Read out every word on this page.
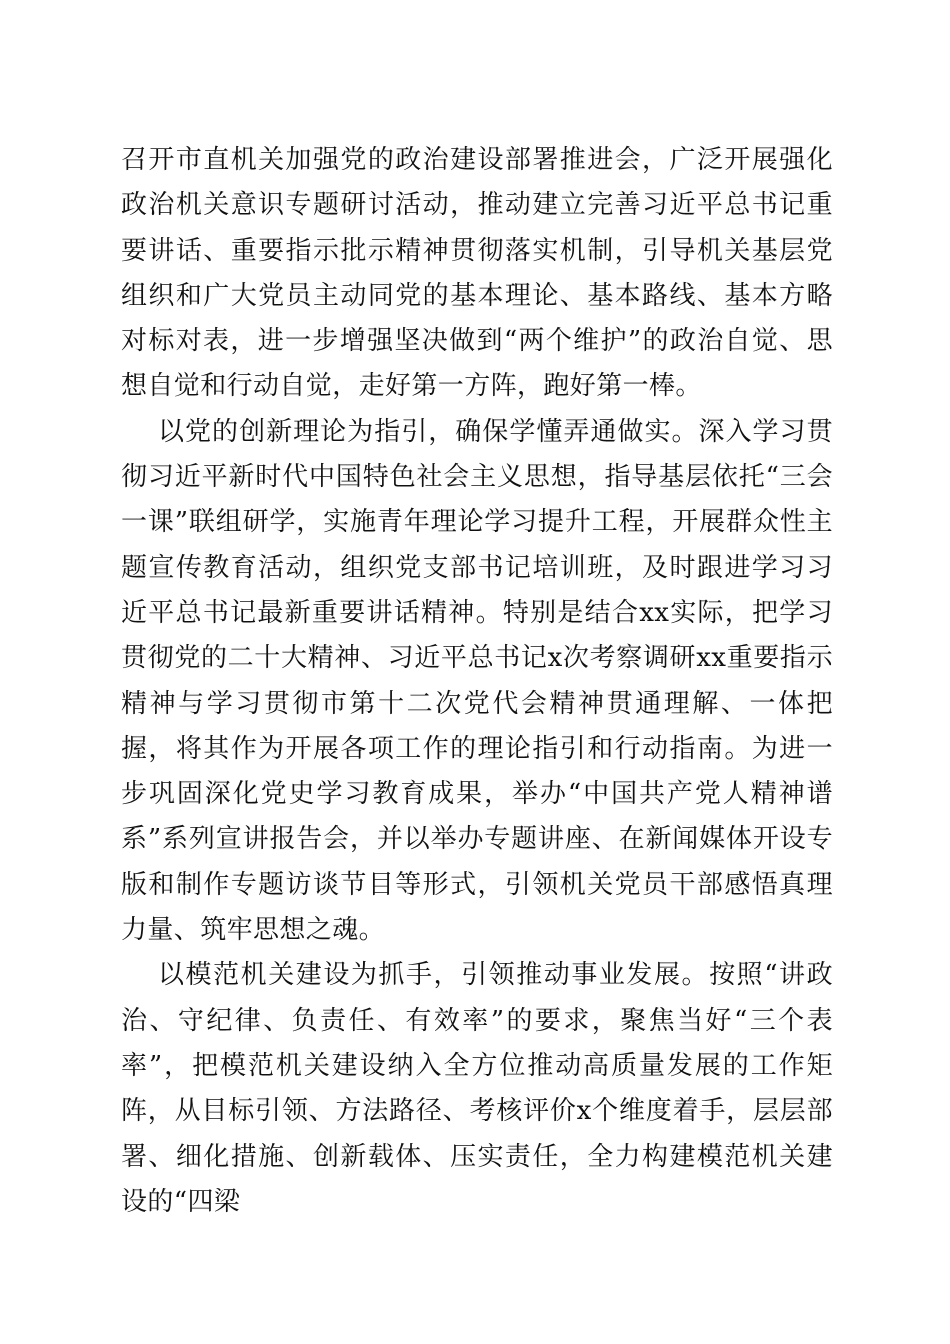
召开市直机关加强党的政治建设部署推进会，广泛开展强化政治机关意识专题研讨活动，推动建立完善习近平总书记重要讲话、重要指示批示精神贯彻落实机制，引导机关基层党组织和广大党员主动同党的基本理论、基本路线、基本方略对标对表，进一步增强坚决做到“两个维护”的政治自觉、思想自觉和行动自觉，走好第一方阵，跑好第一棒。

以党的创新理论为指引，确保学懂弄通做实。深入学习贯彻习近平新时代中国特色社会主义思想，指导基层依托“三会一课”联组研学，实施青年理论学习提升工程，开展群众性主题宣传教育活动，组织党支部书记培训班，及时跟进学习习近平总书记最新重要讲话精神。特别是结合xx实际，把学习贯彻党的二十大精神、习近平总书记x次考察调研xx重要指示精神与学习贯彻市第十二次党代会精神贯通理解、一体把握，将其作为开展各项工作的理论指引和行动指南。为进一步巩固深化党史学习教育成果，举办“中国共产党人精神谱系”系列宣讲报告会，并以举办专题讲座、在新闻媒体开设专版和制作专题访谈节目等形式，引领机关党员干部感悟真理力量、筑牢思想之魂。

以模范机关建设为抓手，引领推动事业发展。按照“讲政治、守纪律、负责任、有效率”的要求，聚焦当好“三个表率”，把模范机关建设纳入全方位推动高质量发展的工作矩阵，从目标引领、方法路径、考核评价x个维度着手，层层部署、细化措施、创新载体、压实责任，全力构建模范机关建设的“四梁
